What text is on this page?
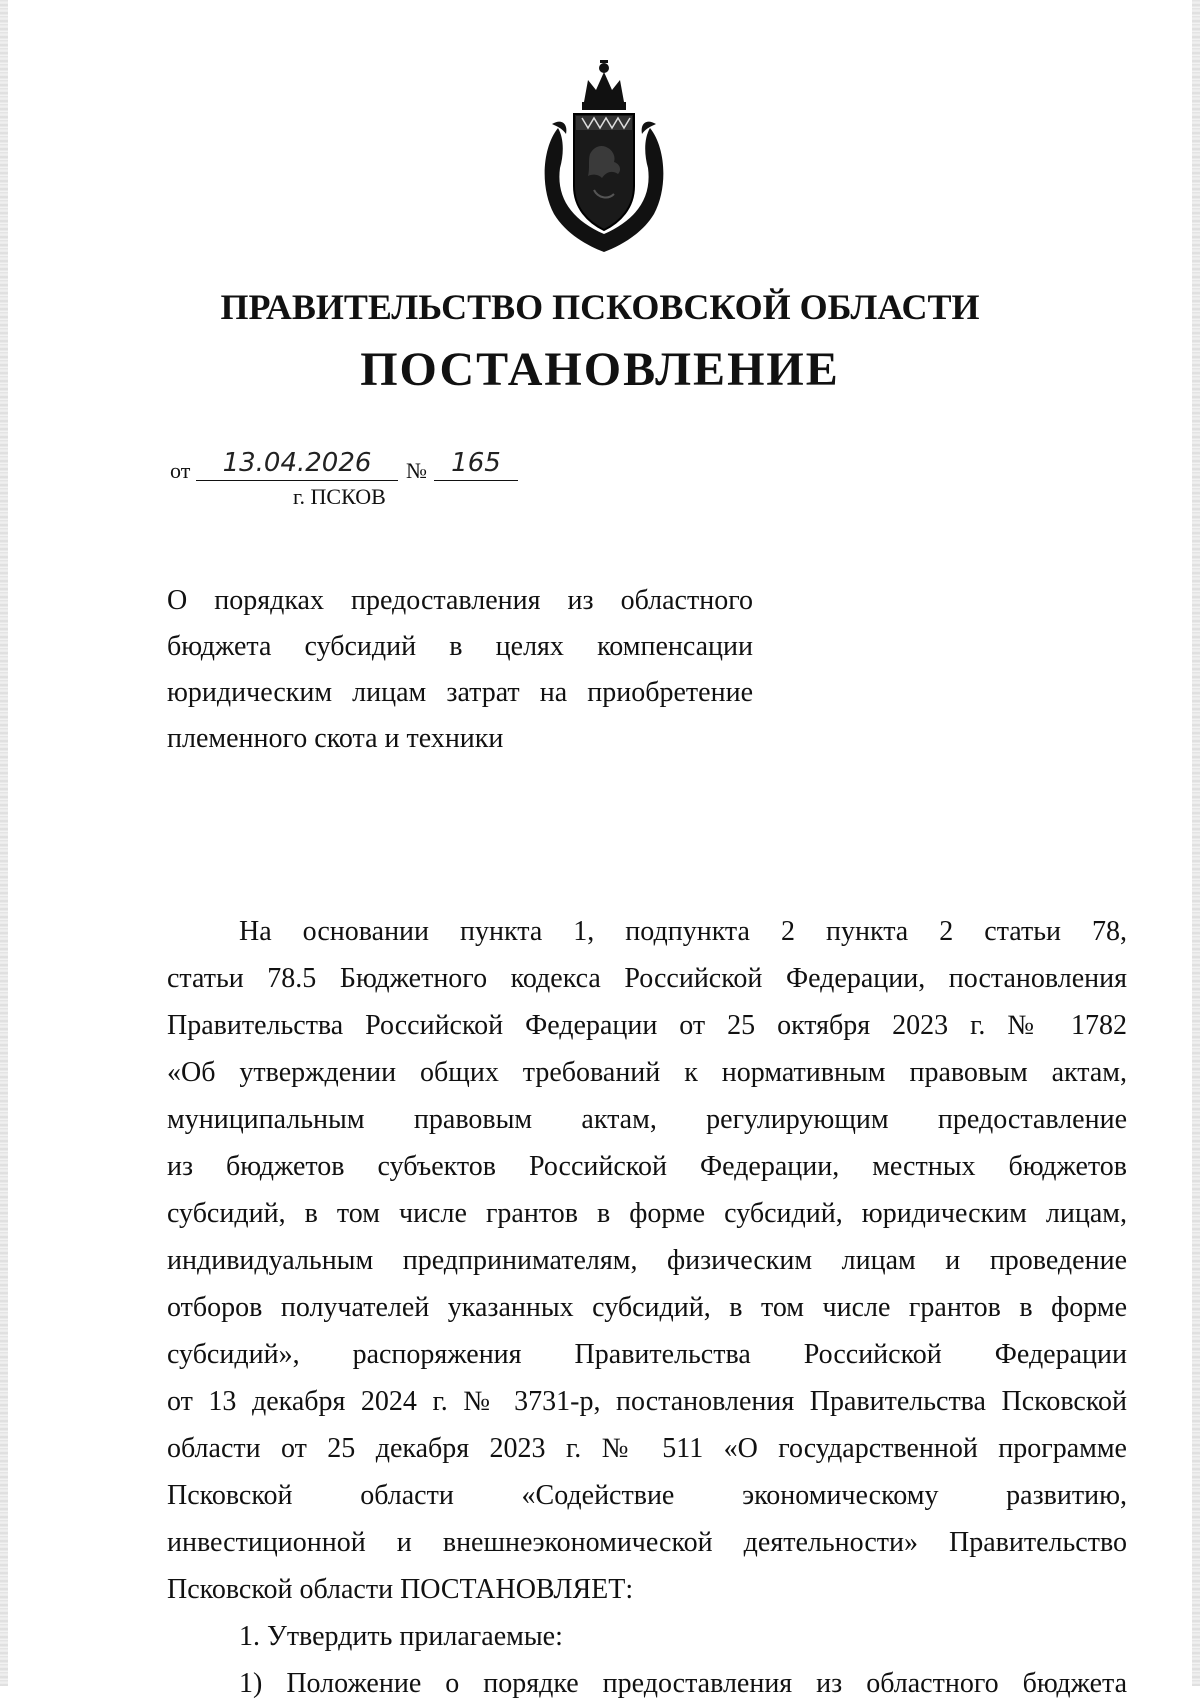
ПРАВИТЕЛЬСТВО ПСКОВСКОЙ ОБЛАСТИ
ПОСТАНОВЛЕНИЕ
от	13.04.2026	№ 165
г. ПСКОВ
О порядках предоставления из областного
бюджета субсидий в целях компенсации
юридическим лицам затрат на приобретение
племенного скота и техники
На основании пункта 1, подпункта 2 пункта 2 статьи 78,
статьи 78.5 Бюджетного кодекса Российской Федерации, постановления
Правительства Российской Федерации от 25 октября 2023 г. № 1782
«Об утверждении общих требований к нормативным правовым актам,
муниципальным правовым актам, регулирующим предоставление
из бюджетов субъектов Российской Федерации, местных бюджетов
субсидий, в том числе грантов в форме субсидий, юридическим лицам,
индивидуальным предпринимателям, физическим лицам и проведение
отборов получателей указанных субсидий, в том числе грантов в форме
субсидий», распоряжения Правительства Российской Федерации
от 13 декабря 2024 г. № 3731-р, постановления Правительства Псковской
области от 25 декабря 2023 г. № 511 «О государственной программе
Псковской области «Содействие экономическому развитию,
инвестиционной и внешнеэкономической деятельности» Правительство
Псковской области ПОСТАНОВЛЯЕТ:
1. Утвердить прилагаемые:
1) Положение о порядке предоставления из областного бюджета
